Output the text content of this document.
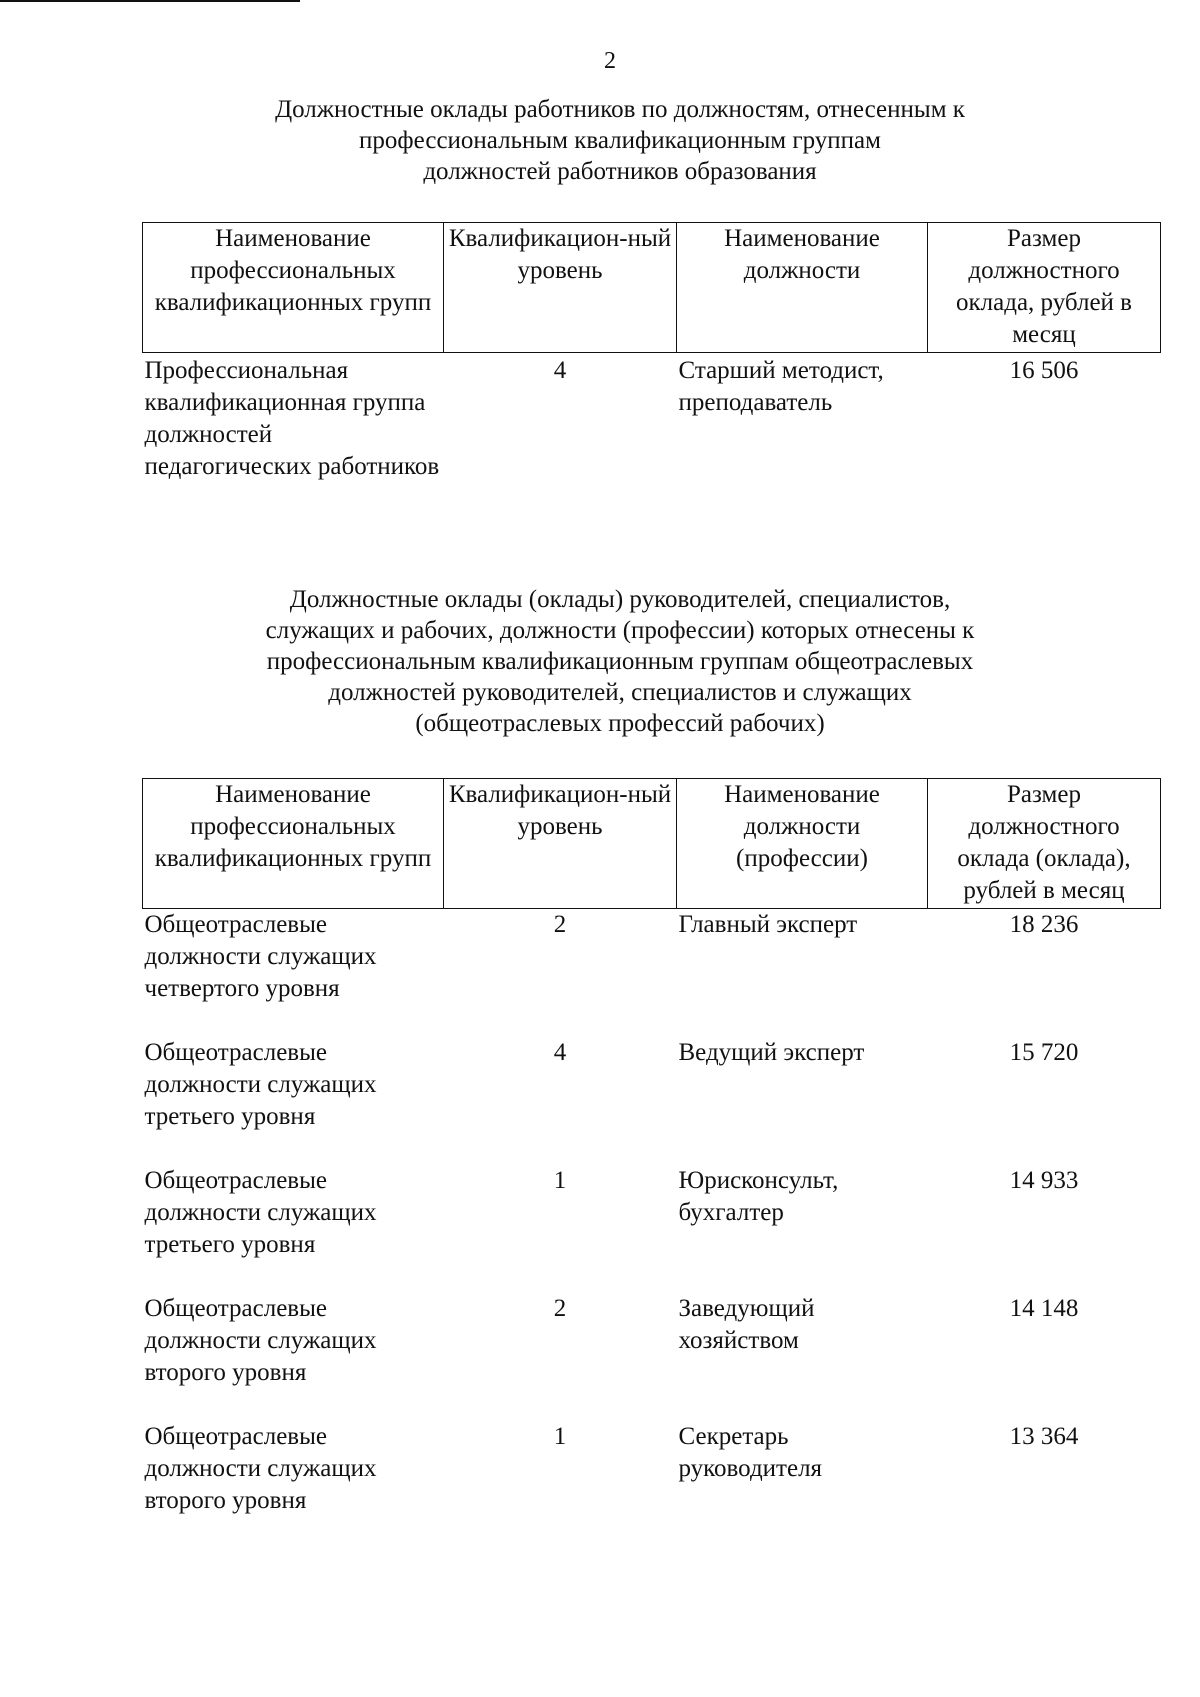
2
Должностные оклады работников по должностям, отнесенным к
профессиональным квалификационным группам
должностей работников образования
Наименование профессиональных квалификационных групп	Квалификацион-ный уровень	Наименование должности	Размер должностного оклада, рублей в месяц
Профессиональная квалификационная группа должностей педагогических работников	4	Старший методист, преподаватель	16 506
Должностные оклады (оклады) руководителей, специалистов,
служащих и рабочих, должности (профессии) которых отнесены к
профессиональным квалификационным группам общеотраслевых
должностей руководителей, специалистов и служащих
(общеотраслевых профессий рабочих)
Наименование профессиональных квалификационных групп	Квалификацион-ный уровень	Наименование должности (профессии)	Размер должностного оклада (оклада), рублей в месяц
Общеотраслевые должности служащих четвертого уровня	2	Главный эксперт	18 236
Общеотраслевые должности служащих третьего уровня	4	Ведущий эксперт	15 720
Общеотраслевые должности служащих третьего уровня	1	Юрисконсульт, бухгалтер	14 933
Общеотраслевые должности служащих второго уровня	2	Заведующий хозяйством	14 148
Общеотраслевые должности служащих второго уровня	1	Секретарь руководителя	13 364
